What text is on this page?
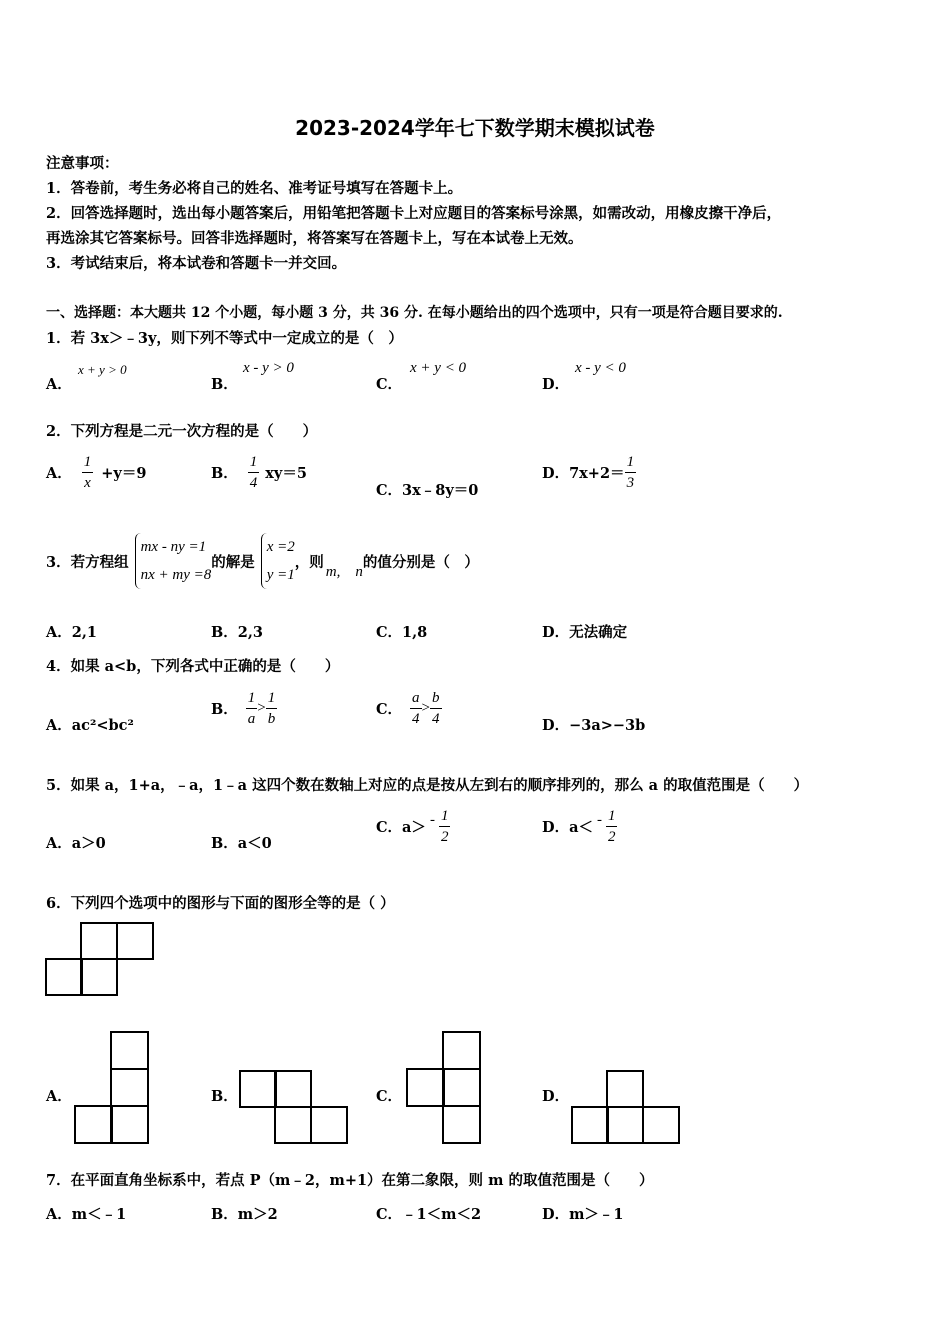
2023-2024学年七下数学期末模拟试卷
注意事项：
1．答卷前，考生务必将自己的姓名、准考证号填写在答题卡上。
2．回答选择题时，选出每小题答案后，用铅笔把答题卡上对应题目的答案标号涂黑，如需改动，用橡皮擦干净后，
再选涂其它答案标号。回答非选择题时，将答案写在答题卡上，写在本试卷上无效。
3．考试结束后，将本试卷和答题卡一并交回。
一、选择题：本大题共 12 个小题，每小题 3 分，共 36 分. 在每小题给出的四个选项中，只有一项是符合题目要求的.
1．若 3x＞﹣3y，则下列不等式中一定成立的是（　）
A．
x + y > 0
B．
x - y > 0
C．
x + y < 0
D．
x - y < 0
2．下列方程是二元一次方程的是（　　）
A． $\frac{1}{x} +y=9$	B． $\frac{1}{4} xy=5$
C．3x﹣8y＝0
D． $7x+2= \frac{1}{3}$
3．若方程组
mx - ny =1
nx + my =8
的解是
x =2
y =1
，则
m,　n
的值分别是（　）
A．2,1	B．2,3	C．1,8	D．无法确定
4．如果 a<b，下列各式中正确的是（　　）
A．ac²<bc²
B． $\frac{1}{a} > \frac{1}{b}$	C． $\frac{a}{4} > \frac{b}{4}$	D．−3a>−3b
5．如果 a，1+a，﹣a，1﹣a 这四个数在数轴上对应的点是按从左到右的顺序排列的，那么 a 的取值范围是（　　）
A．a＞0	B．a＜0
C．$a> - \frac{1}{2}$	D．$a< - \frac{1}{2}$
6．下列四个选项中的图形与下面的图形全等的是（ ）
A．	B．	C．	D．
7．在平面直角坐标系中，若点 P（m﹣2，m+1）在第二象限，则 m 的取值范围是（　　）
A．m＜﹣1	B．m＞2	C．﹣1＜m＜2	D．m＞﹣1
